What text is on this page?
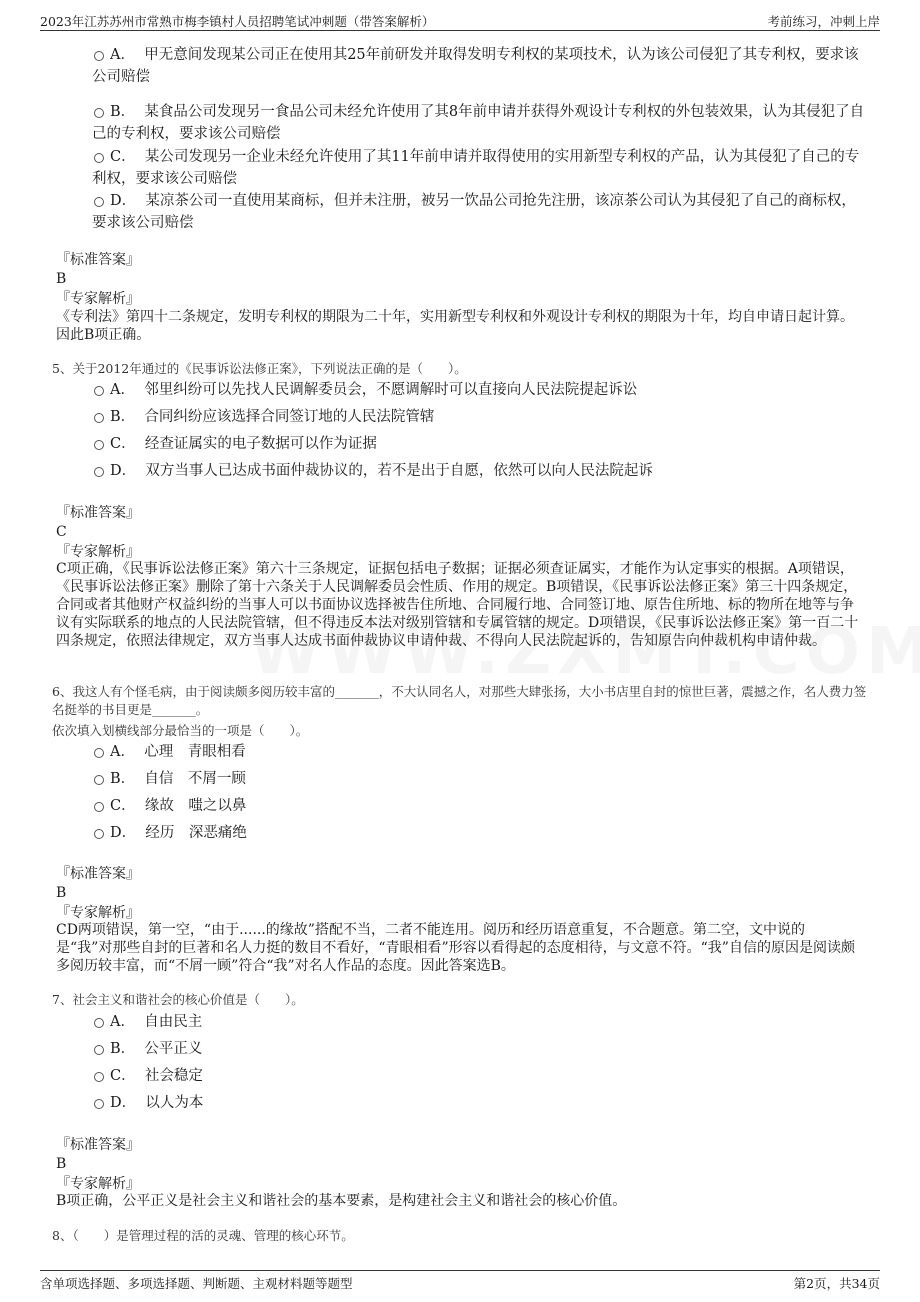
2023年江苏苏州市常熟市梅李镇村人员招聘笔试冲刺题（带答案解析）	考前练习，冲刺上岸
A． 甲无意间发现某公司正在使用其25年前研发并取得发明专利权的某项技术，认为该公司侵犯了其专利权，要求该公司赔偿
B． 某食品公司发现另一食品公司未经允许使用了其8年前申请并获得外观设计专利权的外包装效果，认为其侵犯了自己的专利权，要求该公司赔偿
C． 某公司发现另一企业未经允许使用了其11年前申请并取得使用的实用新型专利权的产品，认为其侵犯了自己的专利权，要求该公司赔偿
D． 某凉茶公司一直使用某商标，但并未注册，被另一饮品公司抢先注册，该凉茶公司认为其侵犯了自己的商标权，要求该公司赔偿
『标准答案』
B
『专家解析』
《专利法》第四十二条规定，发明专利权的期限为二十年，实用新型专利权和外观设计专利权的期限为十年，均自申请日起计算。因此B项正确。
5、关于2012年通过的《民事诉讼法修正案》，下列说法正确的是（　　）。
A． 邻里纠纷可以先找人民调解委员会，不愿调解时可以直接向人民法院提起诉讼
B． 合同纠纷应该选择合同签订地的人民法院管辖
C． 经查证属实的电子数据可以作为证据
D． 双方当事人已达成书面仲裁协议的，若不是出于自愿，依然可以向人民法院起诉
『标准答案』
C
『专家解析』
C项正确，《民事诉讼法修正案》第六十三条规定，证据包括电子数据；证据必须查证属实，才能作为认定事实的根据。A项错误，《民事诉讼法修正案》删除了第十六条关于人民调解委员会性质、作用的规定。B项错误，《民事诉讼法修正案》第三十四条规定，合同或者其他财产权益纠纷的当事人可以书面协议选择被告住所地、合同履行地、合同签订地、原告住所地、标的物所在地等与争议有实际联系的地点的人民法院管辖，但不得违反本法对级别管辖和专属管辖的规定。D项错误，《民事诉讼法修正案》第一百二十四条规定，依照法律规定，双方当事人达成书面仲裁协议申请仲裁、不得向人民法院起诉的，告知原告向仲裁机构申请仲裁。
6、我这人有个怪毛病，由于阅读颇多阅历较丰富的_______，不大认同名人，对那些大肆张扬，大小书店里自封的惊世巨著，震撼之作，名人费力签名挺举的书目更是_______。
依次填入划横线部分最恰当的一项是（　　）。
A． 心理　青眼相看
B． 自信　不屑一顾
C． 缘故　嗤之以鼻
D． 经历　深恶痛绝
『标准答案』
B
『专家解析』
CD两项错误，第一空，“由于......的缘故”搭配不当，二者不能连用。阅历和经历语意重复，不合题意。第二空，文中说的是“我”对那些自封的巨著和名人力挺的数目不看好，“青眼相看”形容以看得起的态度相待，与文意不符。“我”自信的原因是阅读颇多阅历较丰富，而“不屑一顾”符合“我”对名人作品的态度。因此答案选B。
7、社会主义和谐社会的核心价值是（　　）。
A． 自由民主
B． 公平正义
C． 社会稳定
D． 以人为本
『标准答案』
B
『专家解析』
B项正确，公平正义是社会主义和谐社会的基本要素，是构建社会主义和谐社会的核心价值。
8、（　　）是管理过程的活的灵魂、管理的核心环节。
含单项选择题、多项选择题、判断题、主观材料题等题型	第2页，共34页
